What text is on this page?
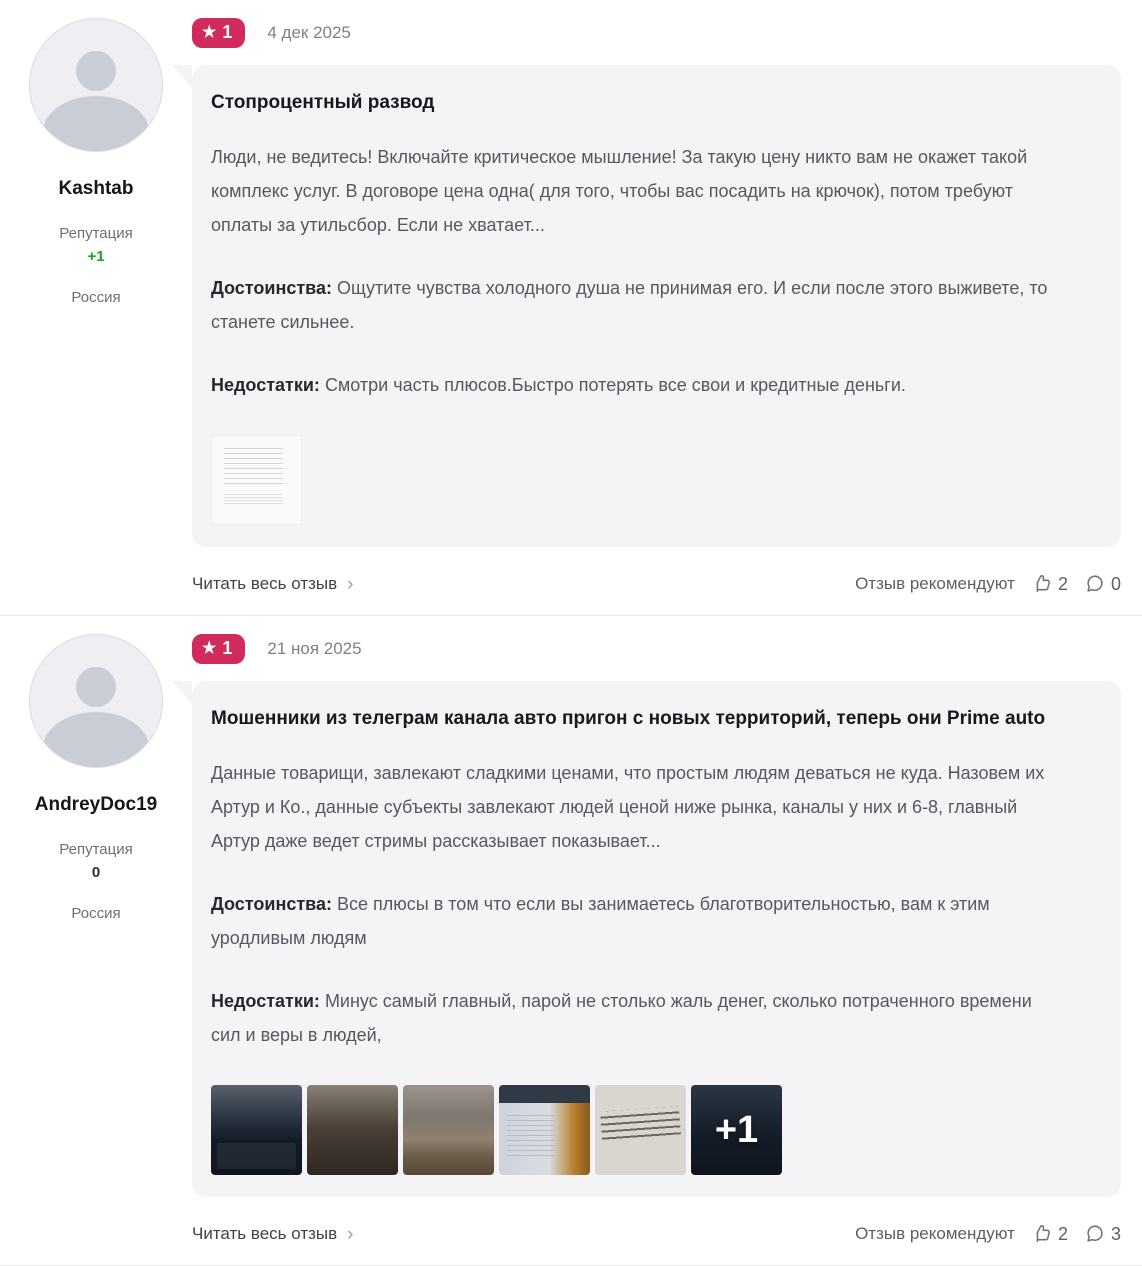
Kashtab
Репутация
+1
Россия
★ 1 4 дек 2025
Стопроцентный развод

Люди, не ведитесь! Включайте критическое мышление! За такую цену никто вам не окажет такой комплекс услуг. В договоре цена одна( для того, чтобы вас посадить на крючок), потом требуют оплаты за утильсбор. Если не хватает...

Достоинства: Ощутите чувства холодного душа не принимая его. И если после этого выживете, то станете сильнее.

Недостатки: Смотри часть плюсов.Быстро потерять все свои и кредитные деньги.

Читать весь отзыв ›	Отзыв рекомендуют 2 0
AndreyDoc19
Репутация
0
Россия
★ 1 21 ноя 2025
Мошенники из телеграм канала авто пригон с новых территорий, теперь они Prime auto

Данные товарищи, завлекают сладкими ценами, что простым людям деваться не куда. Назовем их Артур и Ко., данные субъекты завлекают людей ценой ниже рынка, каналы у них и 6-8, главный Артур даже ведет стримы рассказывает показывает...

Достоинства: Все плюсы в том что если вы занимаетесь благотворительностью, вам к этим уродливым людям

Недостатки: Минус самый главный, парой не столько жаль денег, сколько потраченного времени сил и веры в людей,

+1
Читать весь отзыв ›	Отзыв рекомендуют 2 3
